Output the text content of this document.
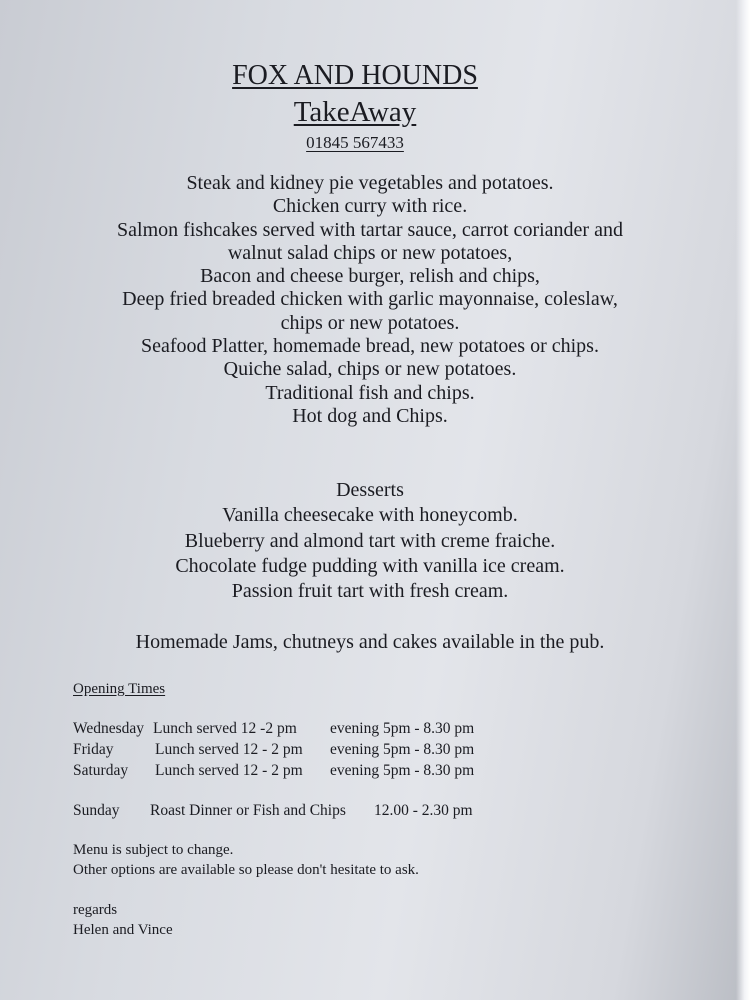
FOX AND HOUNDS
TakeAway
01845 567433
Steak and kidney pie vegetables and potatoes.
Chicken curry with rice.
Salmon fishcakes served with tartar sauce, carrot coriander and
walnut salad chips or new potatoes,
Bacon and cheese burger, relish and chips,
Deep fried breaded chicken with garlic mayonnaise, coleslaw,
chips or new potatoes.
Seafood Platter, homemade bread, new potatoes or chips.
Quiche salad, chips or new potatoes.
Traditional fish and chips.
Hot dog and Chips.
Desserts
Vanilla cheesecake with honeycomb.
Blueberry and almond tart with creme fraiche.
Chocolate fudge pudding with vanilla ice cream.
Passion fruit tart with fresh cream.
Homemade Jams, chutneys and cakes available in the pub.
Opening Times
Wednesday Lunch served 12 -2 pm evening 5pm - 8.30 pm
Friday	Lunch served 12 - 2 pm evening 5pm - 8.30 pm
Saturday Lunch served 12 - 2 pm evening 5pm - 8.30 pm
Sunday Roast Dinner or Fish and Chips 12.00 - 2.30 pm
Menu is subject to change.
Other options are available so please don't hesitate to ask.
regards
Helen and Vince
